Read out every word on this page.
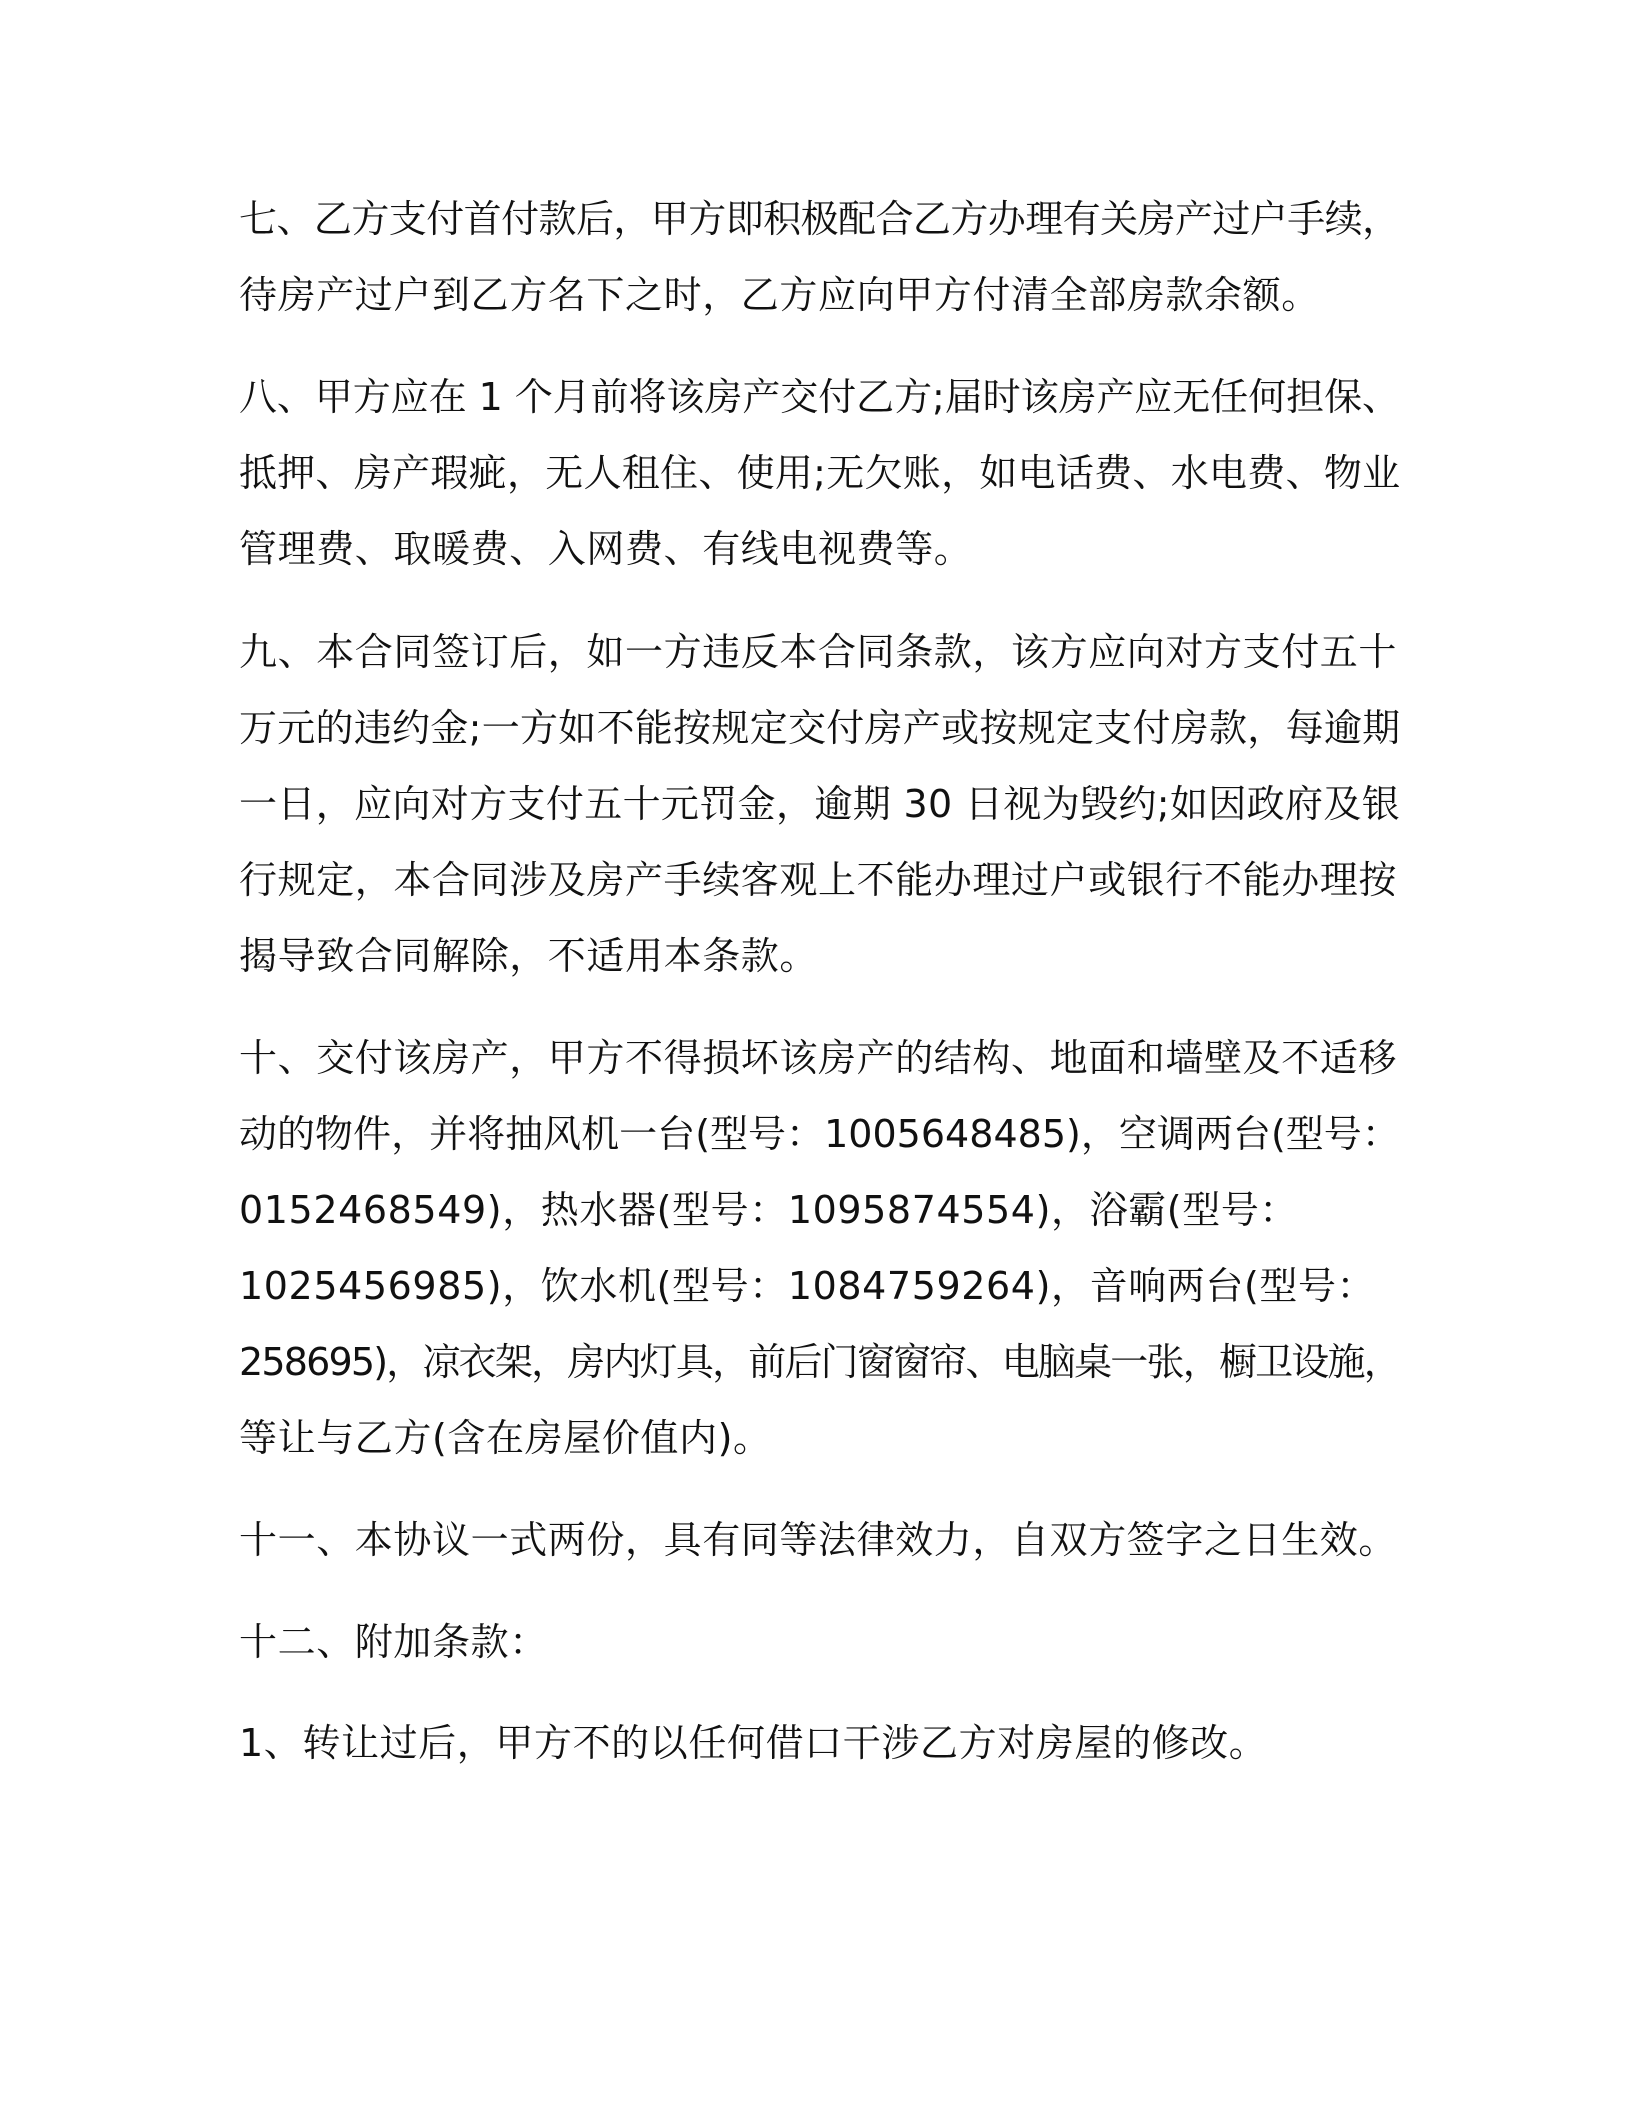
七、乙方支付首付款后，甲方即积极配合乙方办理有关房产过户手续，
待房产过户到乙方名下之时，乙方应向甲方付清全部房款余额。
八、甲方应在 1 个月前将该房产交付乙方;届时该房产应无任何担保、
抵押、房产瑕疵，无人租住、使用;无欠账，如电话费、水电费、物业
管理费、取暖费、入网费、有线电视费等。
九、本合同签订后，如一方违反本合同条款，该方应向对方支付五十
万元的违约金;一方如不能按规定交付房产或按规定支付房款，每逾期
一日，应向对方支付五十元罚金，逾期 30 日视为毁约;如因政府及银
行规定，本合同涉及房产手续客观上不能办理过户或银行不能办理按
揭导致合同解除，不适用本条款。
十、交付该房产，甲方不得损坏该房产的结构、地面和墙壁及不适移
动的物件，并将抽风机一台(型号：1005648485)，空调两台(型号：
0152468549)，热水器(型号：1095874554)，浴霸(型号：
1025456985)，饮水机(型号：1084759264)，音响两台(型号：
258695)，凉衣架，房内灯具，前后门窗窗帘、电脑桌一张，橱卫设施，
等让与乙方(含在房屋价值内)。
十一、本协议一式两份，具有同等法律效力，自双方签字之日生效。
十二、附加条款：
1、转让过后，甲方不的以任何借口干涉乙方对房屋的修改。
